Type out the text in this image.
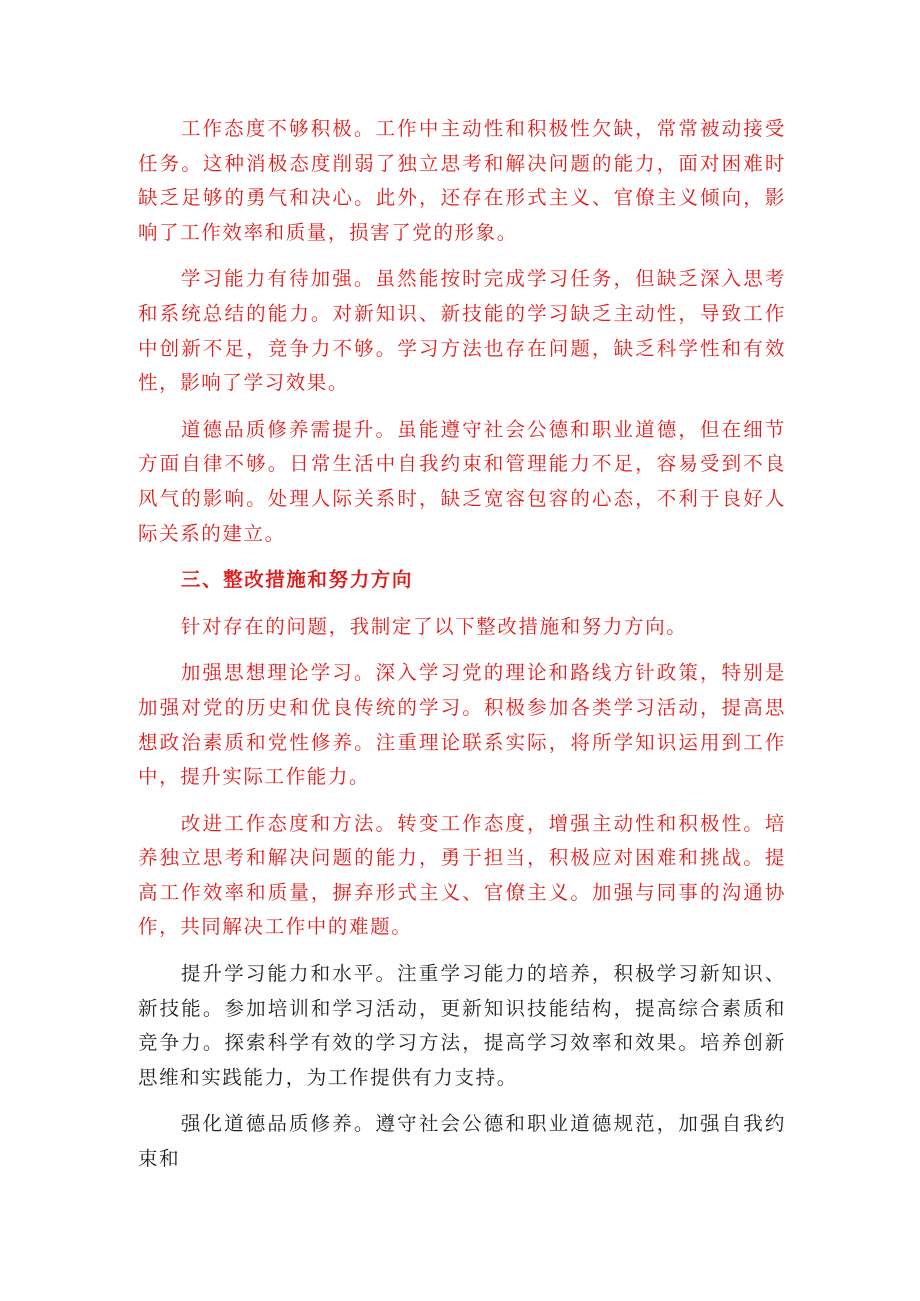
工作态度不够积极。工作中主动性和积极性欠缺，常常被动接受任务。这种消极态度削弱了独立思考和解决问题的能力，面对困难时缺乏足够的勇气和决心。此外，还存在形式主义、官僚主义倾向，影响了工作效率和质量，损害了党的形象。

学习能力有待加强。虽然能按时完成学习任务，但缺乏深入思考和系统总结的能力。对新知识、新技能的学习缺乏主动性，导致工作中创新不足，竞争力不够。学习方法也存在问题，缺乏科学性和有效性，影响了学习效果。

道德品质修养需提升。虽能遵守社会公德和职业道德，但在细节方面自律不够。日常生活中自我约束和管理能力不足，容易受到不良风气的影响。处理人际关系时，缺乏宽容包容的心态，不利于良好人际关系的建立。

三、整改措施和努力方向

针对存在的问题，我制定了以下整改措施和努力方向。

加强思想理论学习。深入学习党的理论和路线方针政策，特别是加强对党的历史和优良传统的学习。积极参加各类学习活动，提高思想政治素质和党性修养。注重理论联系实际，将所学知识运用到工作中，提升实际工作能力。

改进工作态度和方法。转变工作态度，增强主动性和积极性。培养独立思考和解决问题的能力，勇于担当，积极应对困难和挑战。提高工作效率和质量，摒弃形式主义、官僚主义。加强与同事的沟通协作，共同解决工作中的难题。

提升学习能力和水平。注重学习能力的培养，积极学习新知识、新技能。参加培训和学习活动，更新知识技能结构，提高综合素质和竞争力。探索科学有效的学习方法，提高学习效率和效果。培养创新思维和实践能力，为工作提供有力支持。

强化道德品质修养。遵守社会公德和职业道德规范，加强自我约束和
